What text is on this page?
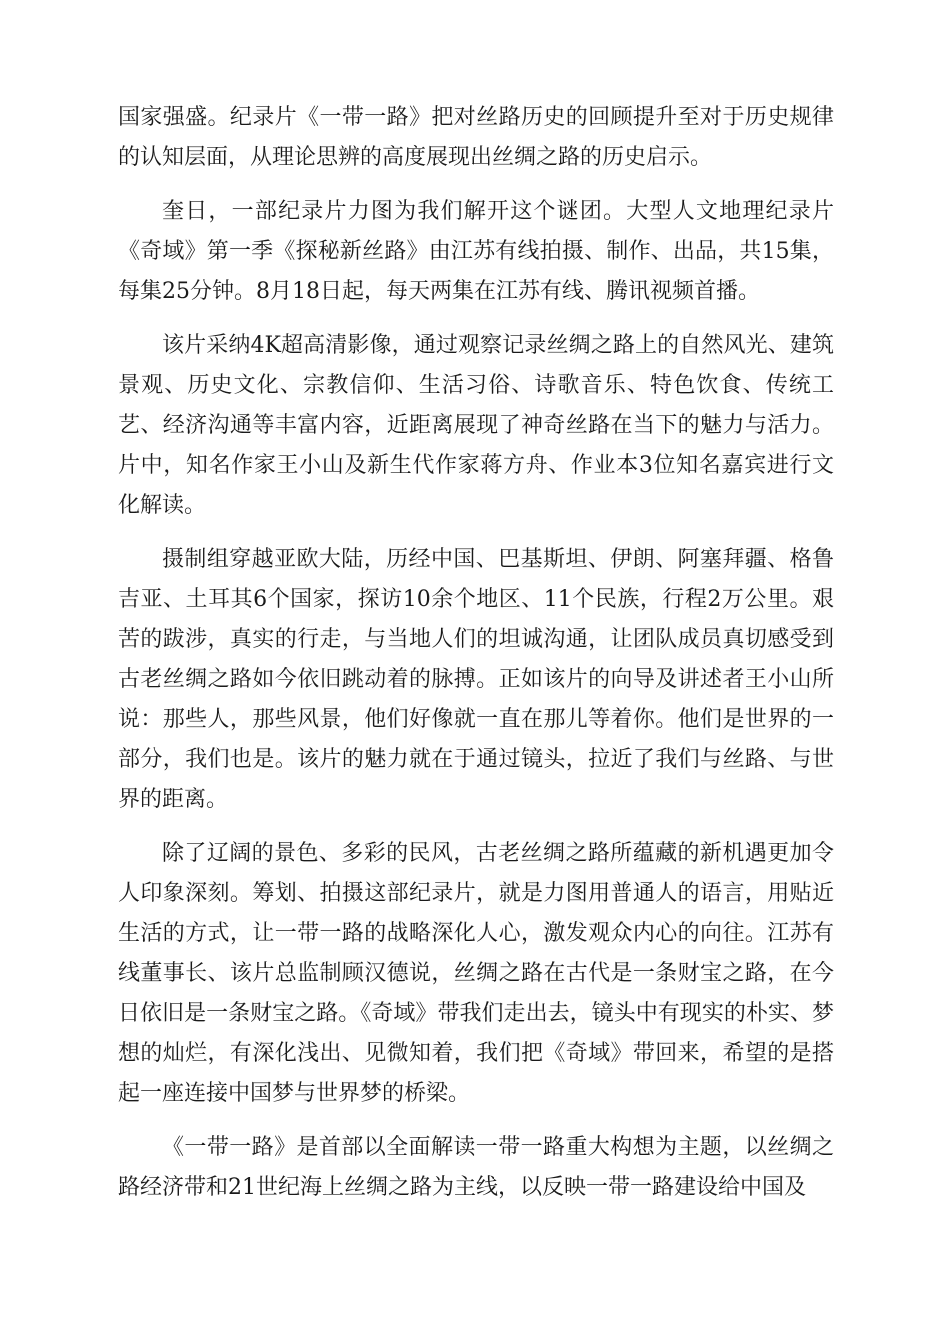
国家强盛。纪录片《一带一路》把对丝路历史的回顾提升至对于历史规律的认知层面，从理论思辨的高度展现出丝绸之路的历史启示。

奎日，一部纪录片力图为我们解开这个谜团。大型人文地理纪录片《奇域》第一季《探秘新丝路》由江苏有线拍摄、制作、出品，共15集，每集25分钟。8月18日起，每天两集在江苏有线、腾讯视频首播。

该片采纳4K超高清影像，通过观察记录丝绸之路上的自然风光、建筑景观、历史文化、宗教信仰、生活习俗、诗歌音乐、特色饮食、传统工艺、经济沟通等丰富内容，近距离展现了神奇丝路在当下的魅力与活力。片中，知名作家王小山及新生代作家蒋方舟、作业本3位知名嘉宾进行文化解读。

摄制组穿越亚欧大陆，历经中国、巴基斯坦、伊朗、阿塞拜疆、格鲁吉亚、土耳其6个国家，探访10余个地区、11个民族，行程2万公里。艰苦的跋涉，真实的行走，与当地人们的坦诚沟通，让团队成员真切感受到古老丝绸之路如今依旧跳动着的脉搏。正如该片的向导及讲述者王小山所说：那些人，那些风景，他们好像就一直在那儿等着你。他们是世界的一部分，我们也是。该片的魅力就在于通过镜头，拉近了我们与丝路、与世界的距离。

除了辽阔的景色、多彩的民风，古老丝绸之路所蕴藏的新机遇更加令人印象深刻。筹划、拍摄这部纪录片，就是力图用普通人的语言，用贴近生活的方式，让一带一路的战略深化人心，激发观众内心的向往。江苏有线董事长、该片总监制顾汉德说，丝绸之路在古代是一条财宝之路，在今日依旧是一条财宝之路。《奇域》带我们走出去，镜头中有现实的朴实、梦想的灿烂，有深化浅出、见微知着，我们把《奇域》带回来，希望的是搭起一座连接中国梦与世界梦的桥梁。

《一带一路》是首部以全面解读一带一路重大构想为主题，以丝绸之路经济带和21世纪海上丝绸之路为主线，以反映一带一路建设给中国及
